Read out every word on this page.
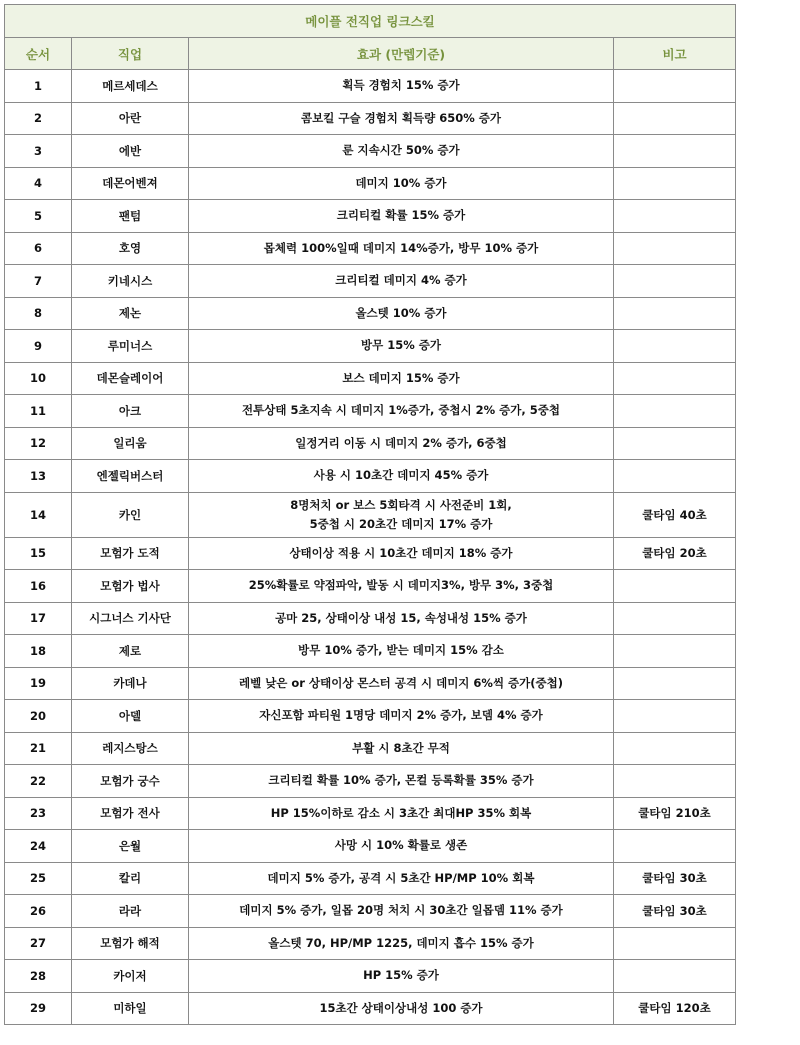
메이플 전직업 링크스킬			
순서	직업	효과 (만렙기준)	비고
1	메르세데스	획득 경험치 15% 증가	

2	아란	콤보킬 구슬 경험치 획득량 650% 증가	

3	에반	룬 지속시간 50% 증가	

4	데몬어벤져	데미지 10% 증가	

5	팬텀	크리티컬 확률 15% 증가	

6	호영	몹체력 100%일때 데미지 14%증가, 방무 10% 증가	

7	키네시스	크리티컬 데미지 4% 증가	

8	제논	올스텟 10% 증가	

9	루미너스	방무 15% 증가	

10	데몬슬레이어	보스 데미지 15% 증가	

11	아크	전투상태 5초지속 시 데미지 1%증가, 중첩시 2% 증가, 5중첩	

12	일리움	일정거리 이동 시 데미지 2% 증가, 6중첩	

13	엔젤릭버스터	사용 시 10초간 데미지 45% 증가	

14	카인	8명처치 or 보스 5회타격 시 사전준비 1회,
5중첩 시 20초간 데미지 17% 증가	쿨타임 40초
15	모험가 도적	상태이상 적용 시 10초간 데미지 18% 증가	쿨타임 20초
16	모험가 법사	25%확률로 약점파악, 발동 시 데미지3%, 방무 3%, 3중첩	

17	시그너스 기사단	공마 25, 상태이상 내성 15, 속성내성 15% 증가	

18	제로	방무 10% 증가, 받는 데미지 15% 감소	

19	카데나	레벨 낮은 or 상태이상 몬스터 공격 시 데미지 6%씩 증가(중첩)	

20	아델	자신포함 파티원 1명당 데미지 2% 증가, 보뎀 4% 증가	

21	레지스탕스	부활 시 8초간 무적	

22	모험가 궁수	크리티컬 확률 10% 증가, 몬컬 등록확률 35% 증가	

23	모험가 전사	HP 15%이하로 감소 시 3초간 최대HP 35% 회복	쿨타임 210초
24	은월	사망 시 10% 확률로 생존	

25	칼리	데미지 5% 증가, 공격 시 5초간 HP/MP 10% 회복	쿨타임 30초
26	라라	데미지 5% 증가, 일몹 20명 처치 시 30초간 일몹뎀 11% 증가	쿨타임 30초
27	모험가 해적	올스텟 70, HP/MP 1225, 데미지 흡수 15% 증가	

28	카이저	HP 15% 증가	

29	미하일	15초간 상태이상내성 100 증가	쿨타임 120초
